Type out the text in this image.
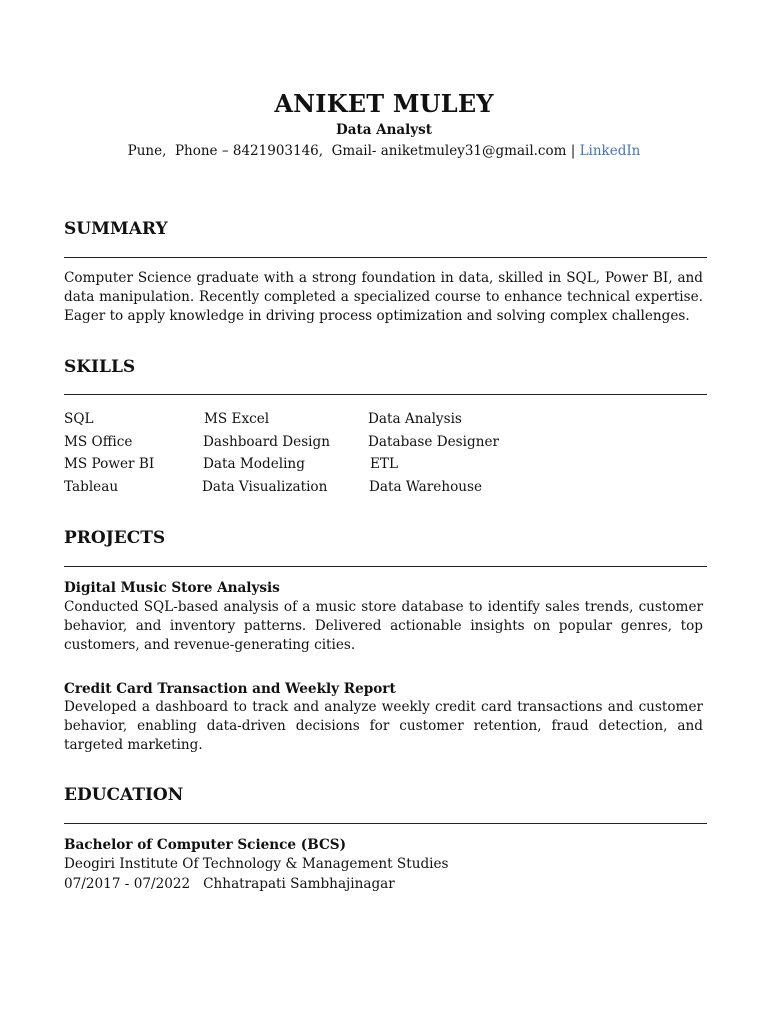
ANIKET MULEY
Data Analyst
Pune,  Phone – 8421903146,  Gmail- aniketmuley31@gmail.com | LinkedIn
SUMMARY
Computer Science graduate with a strong foundation in data, skilled in SQL, Power BI, and data manipulation. Recently completed a specialized course to enhance technical expertise. Eager to apply knowledge in driving process optimization and solving complex challenges.
SKILLS
SQL
MS Office
MS Power BI
Tableau
MS Excel
Dashboard Design
Data Modeling
Data Visualization
Data Analysis
Database Designer
ETL
Data Warehouse
PROJECTS
Digital Music Store Analysis
Conducted SQL-based analysis of a music store database to identify sales trends, customer behavior, and inventory patterns. Delivered actionable insights on popular genres, top customers, and revenue-generating cities.
Credit Card Transaction and Weekly Report
Developed a dashboard to track and analyze weekly credit card transactions and customer behavior, enabling data-driven decisions for customer retention, fraud detection, and targeted marketing.
EDUCATION
Bachelor of Computer Science (BCS)
Deogiri Institute Of Technology & Management Studies
07/2017 - 07/2022 Chhatrapati Sambhajinagar
